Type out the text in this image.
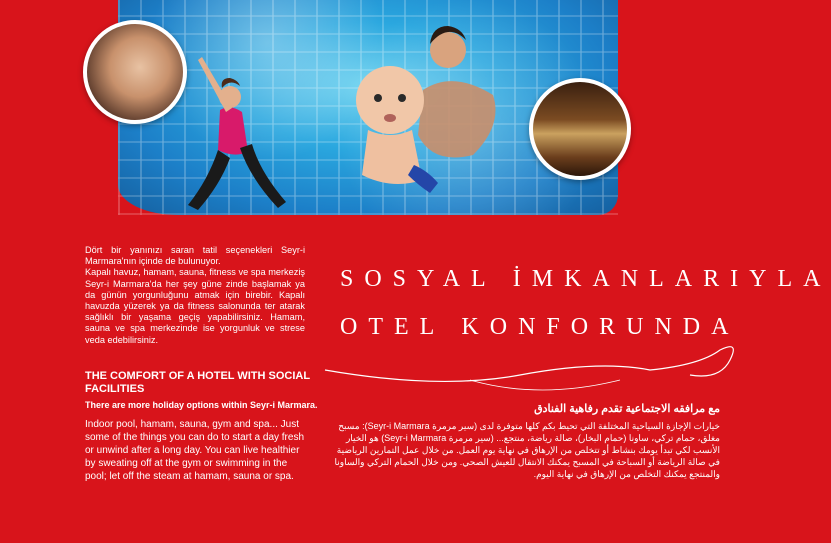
Dört bir yanınızı saran tatil seçenekleri Seyr-i Marmara'nın içinde de bulunuyor.

Kapalı havuz, hamam, sauna, fitness ve spa merkeziş Seyr-i Marmara'da her şey güne zinde başlamak ya da günün yorgunluğunu atmak için birebir. Kapalı havuzda yüzerek ya da fitness salonunda ter atarak sağlıklı bir yaşama geçiş yapabilirsiniz. Hamam, sauna ve spa merkezinde ise yorgunluk ve strese veda edebilirsiniz.

SOSYAL İMKANLARIYLA
OTEL KONFORUNDA
THE COMFORT OF A HOTEL WITH SOCIAL FACILITIES
There are more holiday options within Seyr-i Marmara.

Indoor pool, hamam, sauna, gym and spa... Just some of the things you can do to start a day fresh or unwind after a long day. You can live healthier by sweating off at the gym or swimming in the pool; let off the steam at hamam, sauna or spa.

مع مرافقه الاجتماعية تقدم رفاهية الفنادق

خيارات الإجازة السياحية المختلفة التي تحيط بكم كلها متوفرة لدى (سير مرمرة Seyr-i Marmara): مسبح مغلق، حمام تركي، ساونا (حمام البخار)، صالة رياضة، منتجع... (سير مرمرة Seyr-i Marmara) هو الخيار الأنسب لكي تبدأ يومك بنشاط أو تتخلص من الإرهاق في نهاية يوم العمل. من خلال عمل التمارين الرياضية في صالة الرياضة أو السباحة في المسبح يمكنك الانتقال للعيش الصحي. ومن خلال الحمام التركي والساونا والمنتجع يمكنك التخلص من الإرهاق في نهاية اليوم.
